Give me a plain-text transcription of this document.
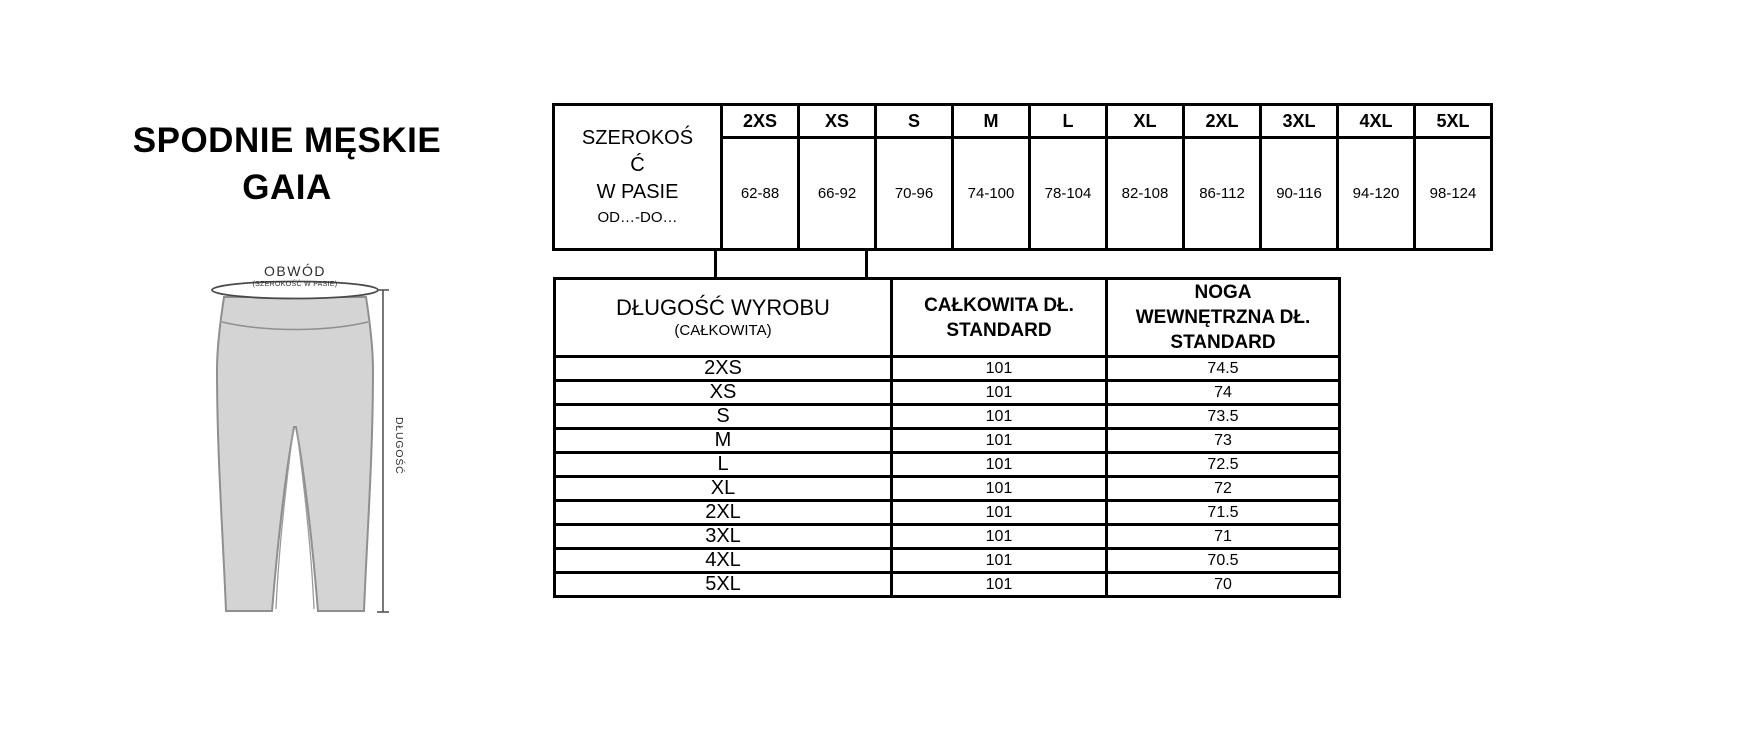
SPODNIE MĘSKIE
GAIA
OBWÓD
(SZEROKOŚĆ W PASIE)
DŁUGOŚĆ
SZEROKOŚ
Ć
W PASIE
OD…-DO…	2XS	XS	S	M	L	XL	2XL	3XL	4XL	5XL
	62-88	66-92	70-96	74-100	78-104	82-108	86-112	90-116	94-120	98-124
DŁUGOŚĆ WYROBU
(CAŁKOWITA)

CAŁKOWITA DŁ.
STANDARD

NOGA
WEWNĘTRZNA DŁ.
STANDARD

2XS	101	74.5
XS	101	74
S	101	73.5
M	101	73
L	101	72.5
XL	101	72
2XL	101	71.5
3XL	101	71
4XL	101	70.5
5XL	101	70
